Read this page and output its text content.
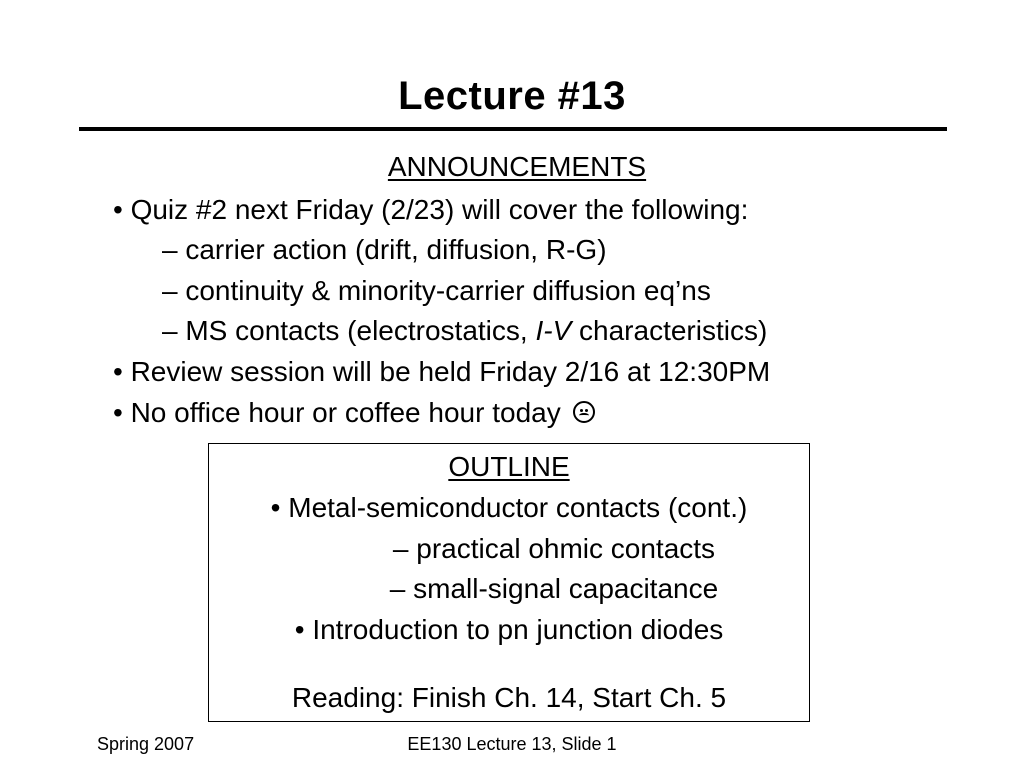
Lecture #13
ANNOUNCEMENTS
• Quiz #2 next Friday (2/23) will cover the following:
– carrier action (drift, diffusion, R-G)
– continuity & minority-carrier diffusion eq’ns
– MS contacts (electrostatics, I-V characteristics)
• Review session will be held Friday 2/16 at 12:30PM
• No office hour or coffee hour today
OUTLINE
• Metal-semiconductor contacts (cont.)
– practical ohmic contacts
– small-signal capacitance
• Introduction to pn junction diodes
Reading: Finish Ch. 14, Start Ch. 5
Spring 2007	EE130 Lecture 13, Slide 1
